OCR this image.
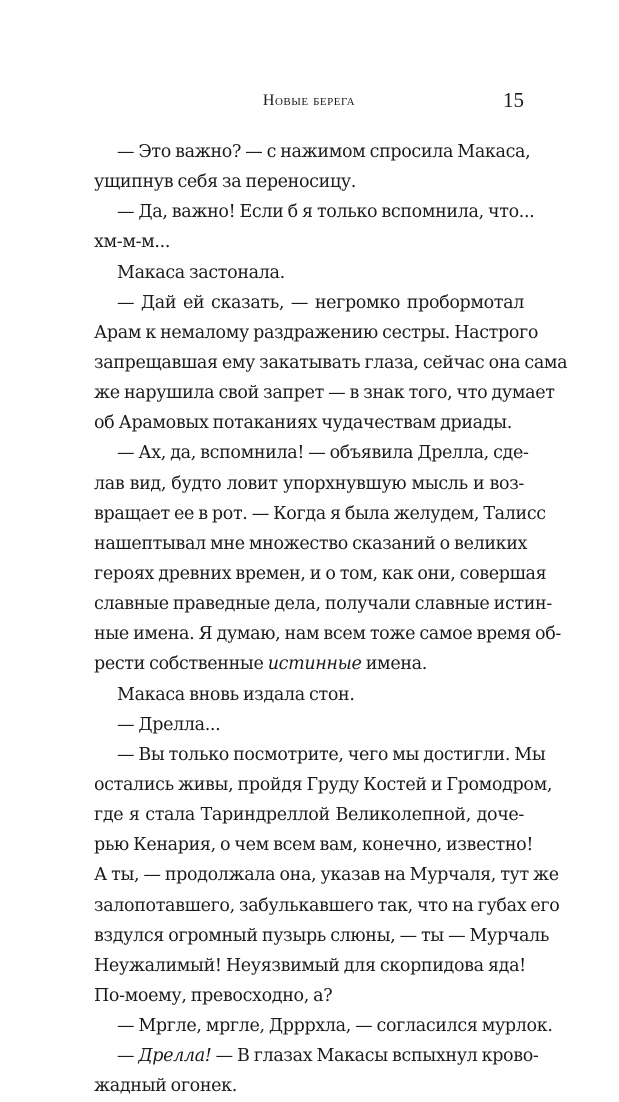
Новые берега	15
— Это важно? — с нажимом спросила Макаса,
ущипнув себя за переносицу.
— Да, важно! Если б я только вспомнила, что...
хм-м-м...
Макаса застонала.
— Дай ей сказать, — негромко пробормотал
Арам к немалому раздражению сестры. Настрого
запрещавшая ему закатывать глаза, сейчас она сама
же нарушила свой запрет — в знак того, что думает
об Арамовых потаканиях чудачествам дриады.
— Ах, да, вспомнила! — объявила Дрелла, сде-
лав вид, будто ловит упорхнувшую мысль и воз-
вращает ее в рот. — Когда я была желудем, Талисс
нашептывал мне множество сказаний о великих
героях древних времен, и о том, как они, совершая
славные праведные дела, получали славные истин-
ные имена. Я думаю, нам всем тоже самое время об-
рести собственные истинные имена.
Макаса вновь издала стон.
— Дрелла...
— Вы только посмотрите, чего мы достигли. Мы
остались живы, пройдя Груду Костей и Громодром,
где я стала Тариндреллой Великолепной, доче-
рью Кенария, о чем всем вам, конечно, известно!
А ты, — продолжала она, указав на Мурчаля, тут же
залопотавшего, забулькавшего так, что на губах его
вздулся огромный пузырь слюны, — ты — Мурчаль
Неужалимый! Неуязвимый для скорпидова яда!
По-моему, превосходно, а?
— Мргле, мргле, Дрррхла, — согласился мурлок.
— Дрелла! — В глазах Макасы вспыхнул крово-
жадный огонек.
